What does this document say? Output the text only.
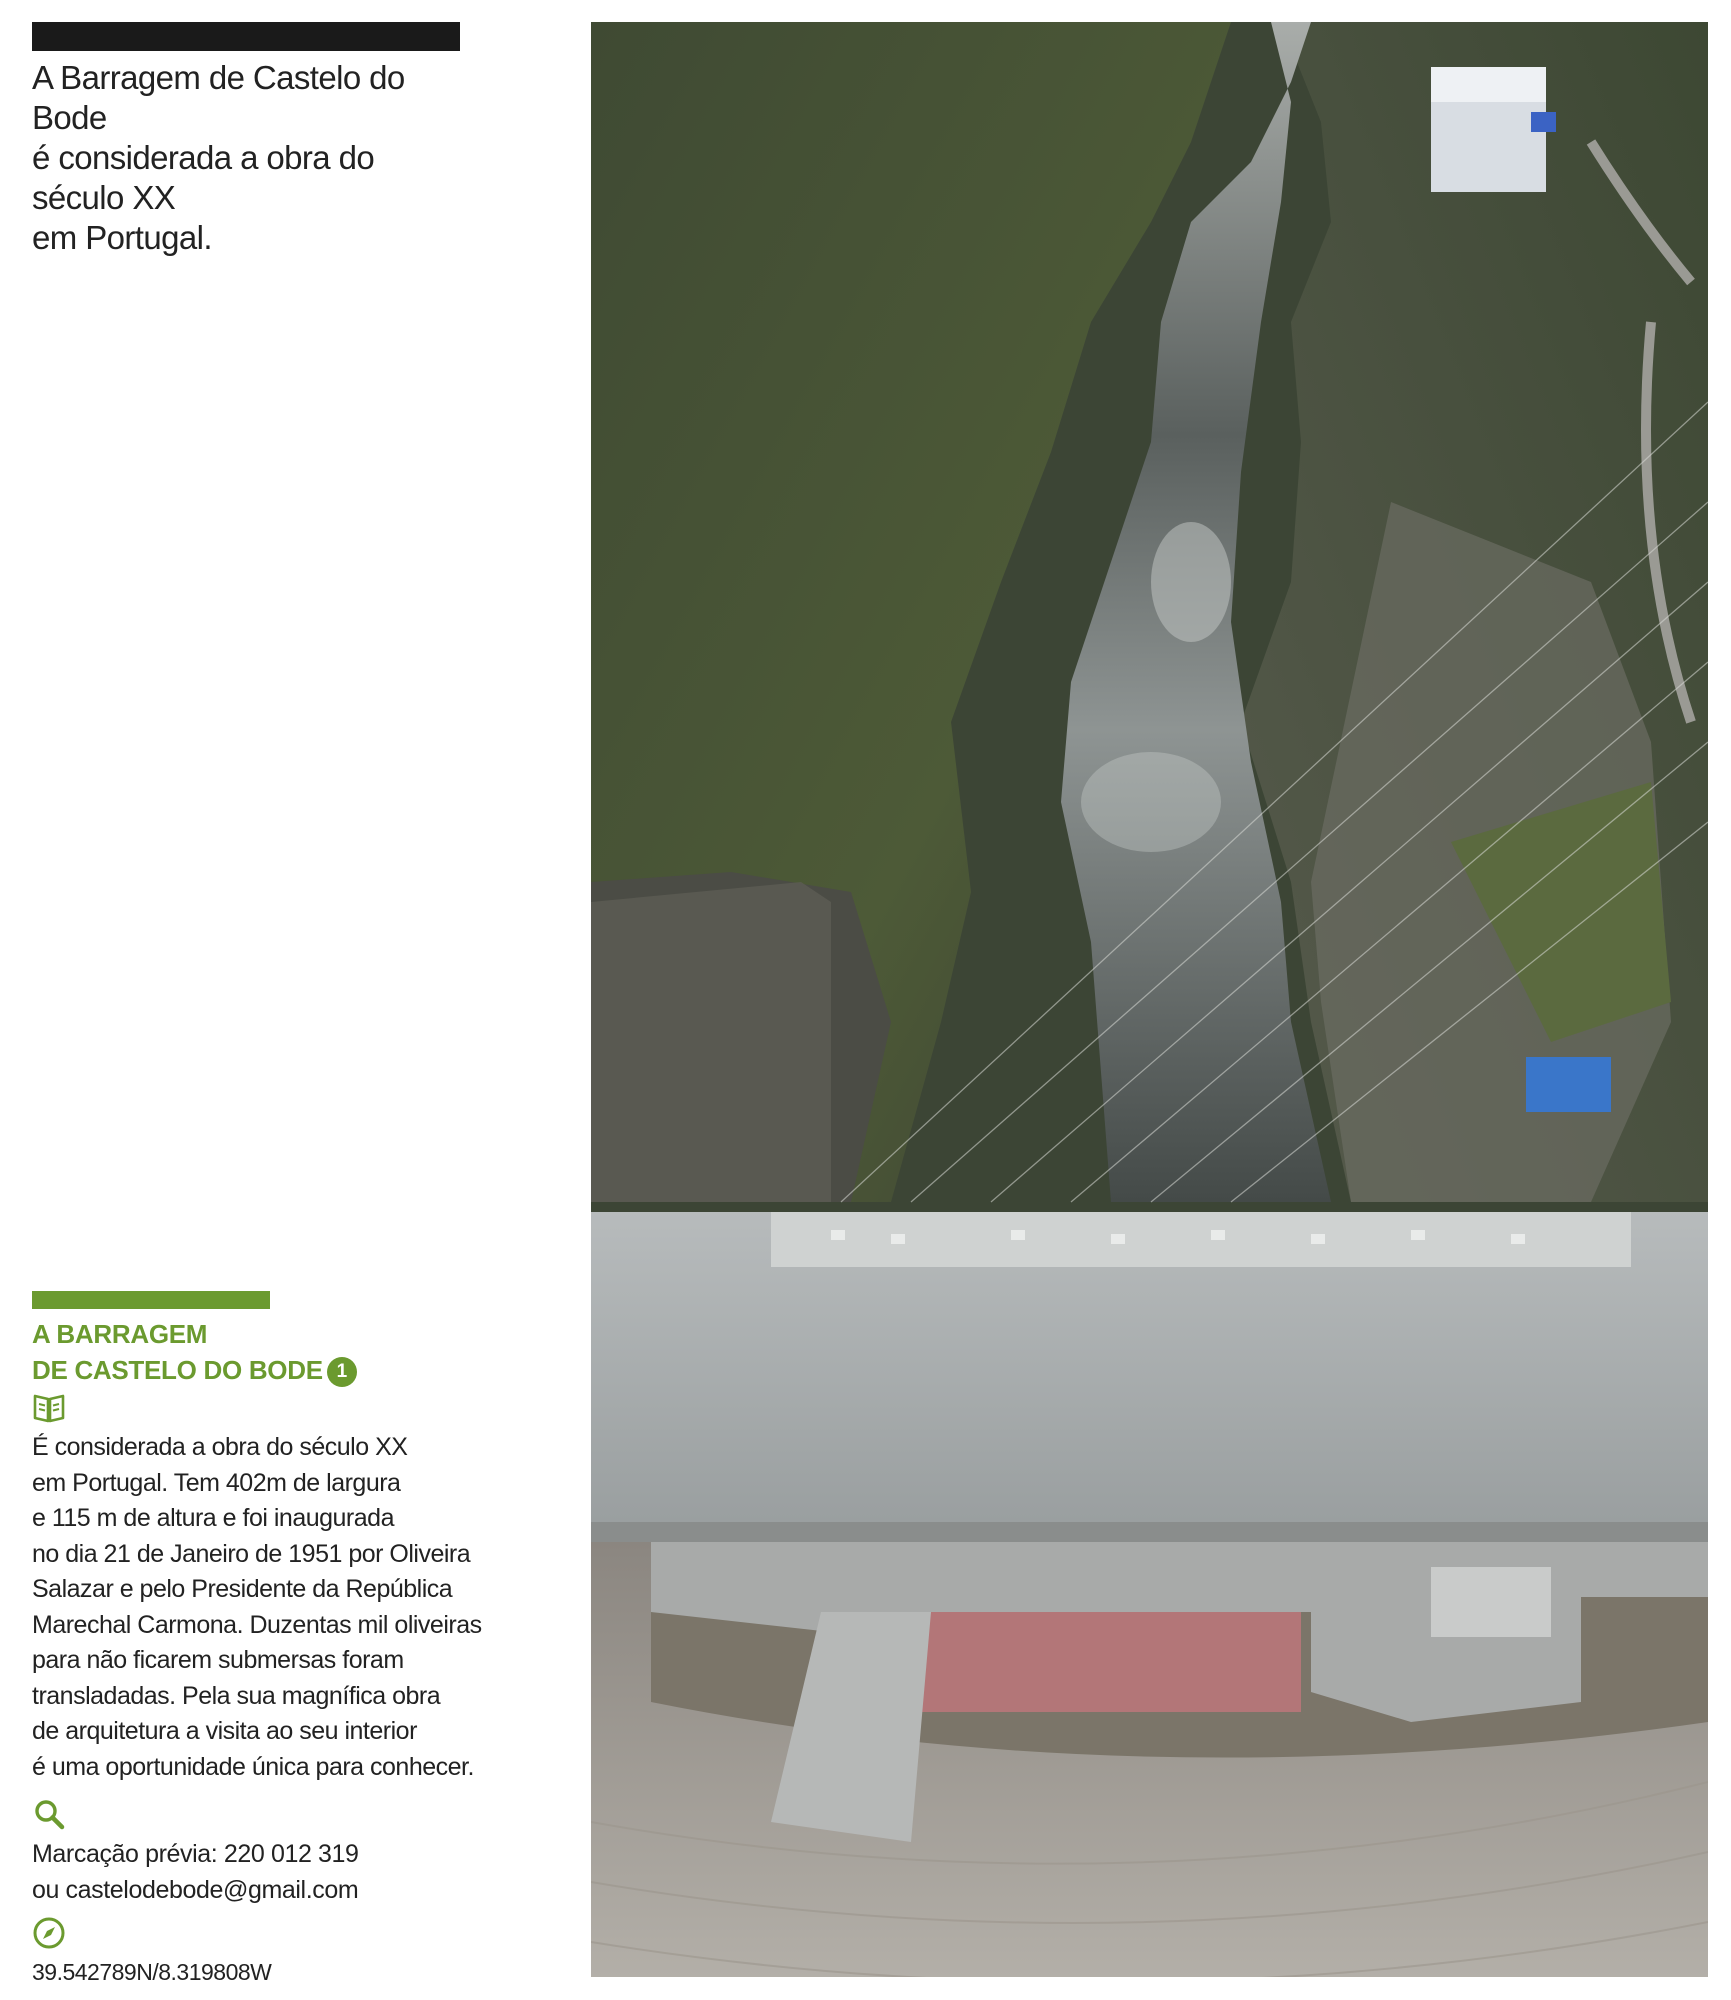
A Barragem de Castelo do Bode
é considerada a obra do século XX
em Portugal.
A BARRAGEM
DE CASTELO DO BODE 1
É considerada a obra do século XX
em Portugal. Tem 402m de largura
e 115 m de altura e foi inaugurada
no dia 21 de Janeiro de 1951 por Oliveira
Salazar e pelo Presidente da República
Marechal Carmona. Duzentas mil oliveiras
para não ficarem submersas foram
transladadas. Pela sua magnífica obra
de arquitetura a visita ao seu interior
é uma oportunidade única para conhecer.
Marcação prévia: 220 012 319
ou castelodebode@gmail.com
39.542789N/8.319808W
